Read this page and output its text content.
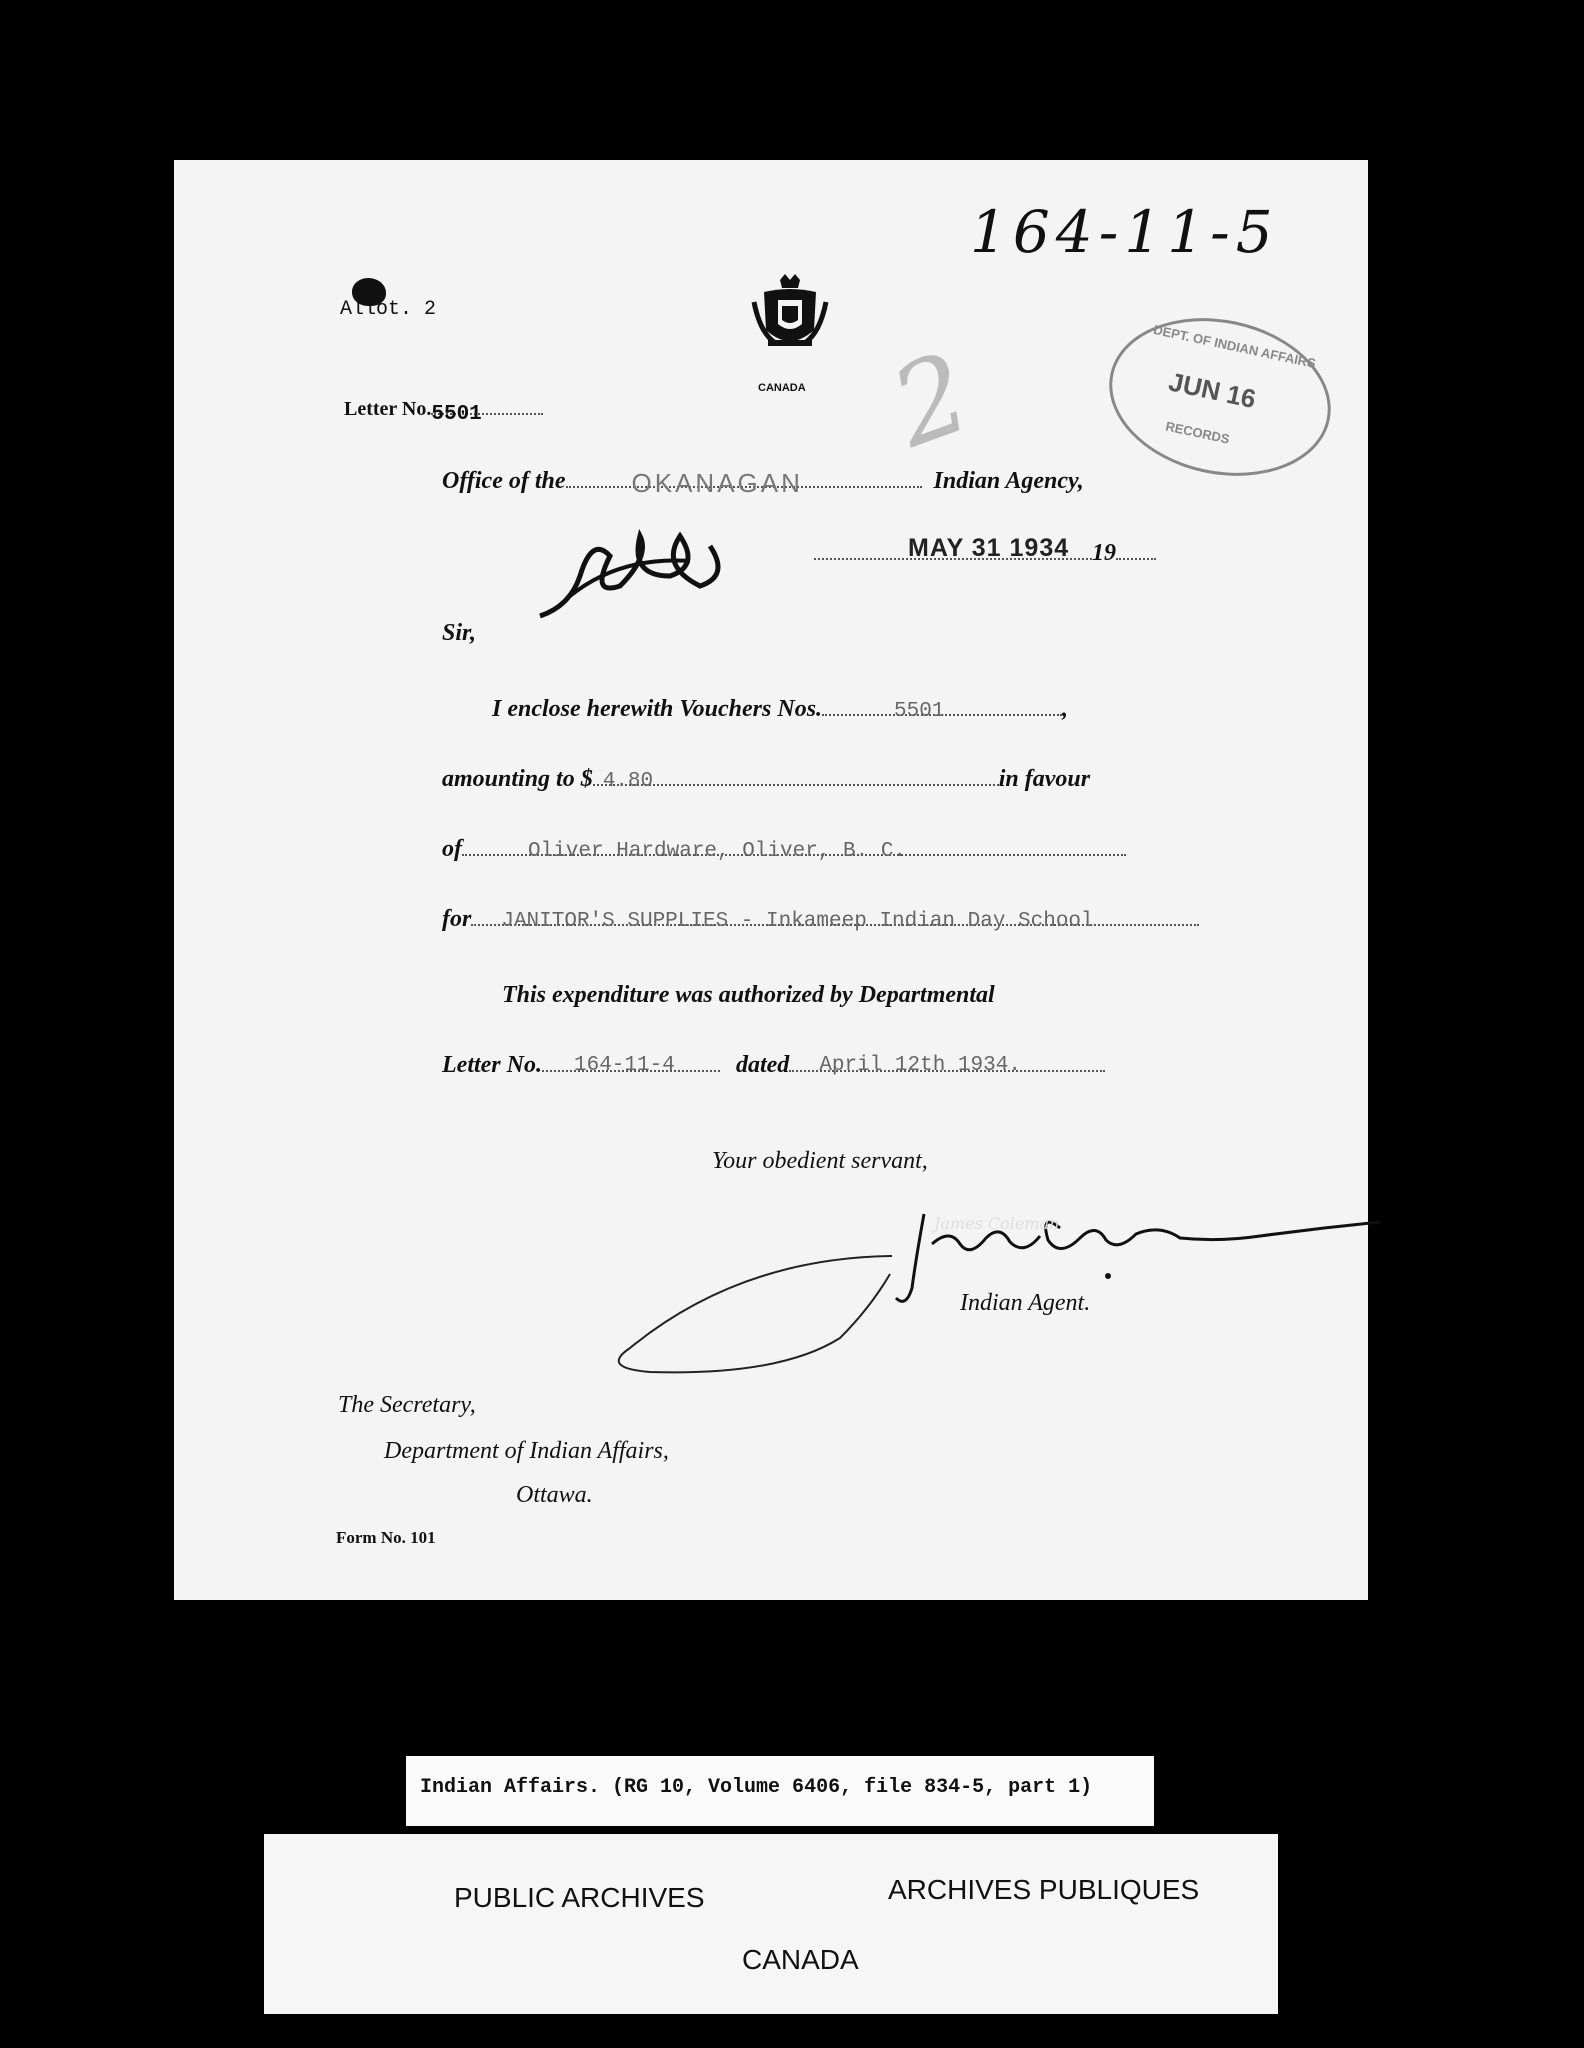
164-11-5
Allot. 2
CANADA 2	DEPT. OF INDIAN AFFAIRS
JUN 16
RECORDS
Letter No. 5501
Office of the	OKANAGAN	Indian Agency,
MAY 31 1934 19
Sir,
I enclose herewith Vouchers Nos.	5501	,
amounting to $ 4.80	in favour
of	Oliver Hardware, Oliver, B. C.
for JANITOR'S SUPPLIES - Inkameep Indian Day School
This expenditure was authorized by Departmental
Letter No. 164-11-4	dated April 12th 1934.
Your obedient servant,
James Coleman
Indian Agent.
The Secretary,
Department of Indian Affairs,
Ottawa.
Form No. 101
Indian Affairs. (RG 10, Volume 6406, file 834-5, part 1)
PUBLIC ARCHIVES	ARCHIVES PUBLIQUES
CANADA
